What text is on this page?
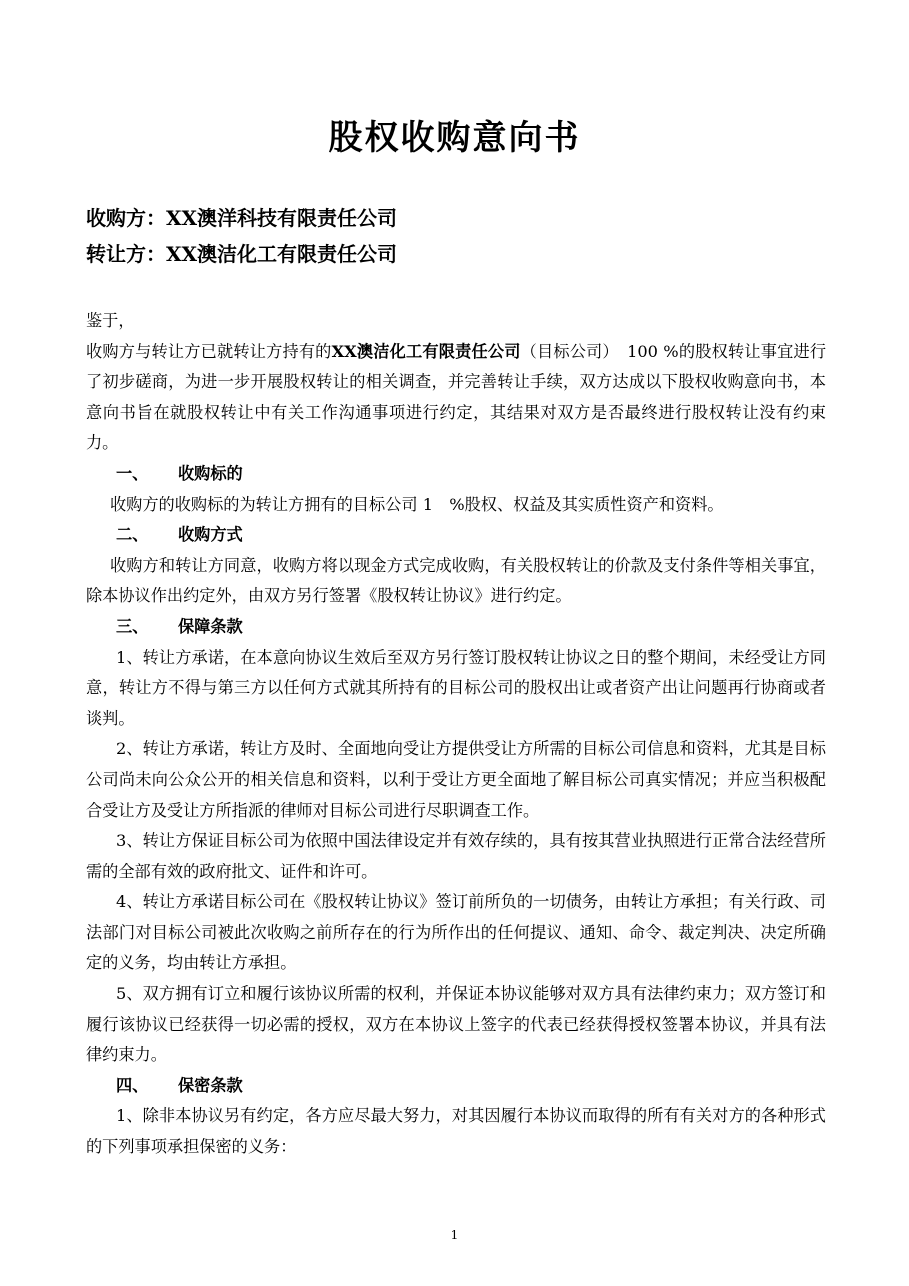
股权收购意向书
收购方：XX澳洋科技有限责任公司
转让方：XX澳洁化工有限责任公司

鉴于，

收购方与转让方已就转让方持有的XX澳洁化工有限责任公司（目标公司）　100 %的股权转让事宜进行了初步磋商，为进一步开展股权转让的相关调查，并完善转让手续，双方达成以下股权收购意向书，本意向书旨在就股权转让中有关工作沟通事项进行约定，其结果对双方是否最终进行股权转让没有约束力。

一、 收购标的

收购方的收购标的为转让方拥有的目标公司 1　%股权、权益及其实质性资产和资料。

二、 收购方式

收购方和转让方同意，收购方将以现金方式完成收购，有关股权转让的价款及支付条件等相关事宜，除本协议作出约定外，由双方另行签署《股权转让协议》进行约定。

三、 保障条款

1、转让方承诺，在本意向协议生效后至双方另行签订股权转让协议之日的整个期间，未经受让方同意，转让方不得与第三方以任何方式就其所持有的目标公司的股权出让或者资产出让问题再行协商或者谈判。

2、转让方承诺，转让方及时、全面地向受让方提供受让方所需的目标公司信息和资料，尤其是目标公司尚未向公众公开的相关信息和资料，以利于受让方更全面地了解目标公司真实情况；并应当积极配合受让方及受让方所指派的律师对目标公司进行尽职调查工作。

3、转让方保证目标公司为依照中国法律设定并有效存续的，具有按其营业执照进行正常合法经营所需的全部有效的政府批文、证件和许可。

4、转让方承诺目标公司在《股权转让协议》签订前所负的一切债务，由转让方承担；有关行政、司法部门对目标公司被此次收购之前所存在的行为所作出的任何提议、通知、命令、裁定判决、决定所确定的义务，均由转让方承担。

5、双方拥有订立和履行该协议所需的权利，并保证本协议能够对双方具有法律约束力；双方签订和履行该协议已经获得一切必需的授权，双方在本协议上签字的代表已经获得授权签署本协议，并具有法律约束力。

四、 保密条款

1、除非本协议另有约定，各方应尽最大努力，对其因履行本协议而取得的所有有关对方的各种形式的下列事项承担保密的义务：

1
